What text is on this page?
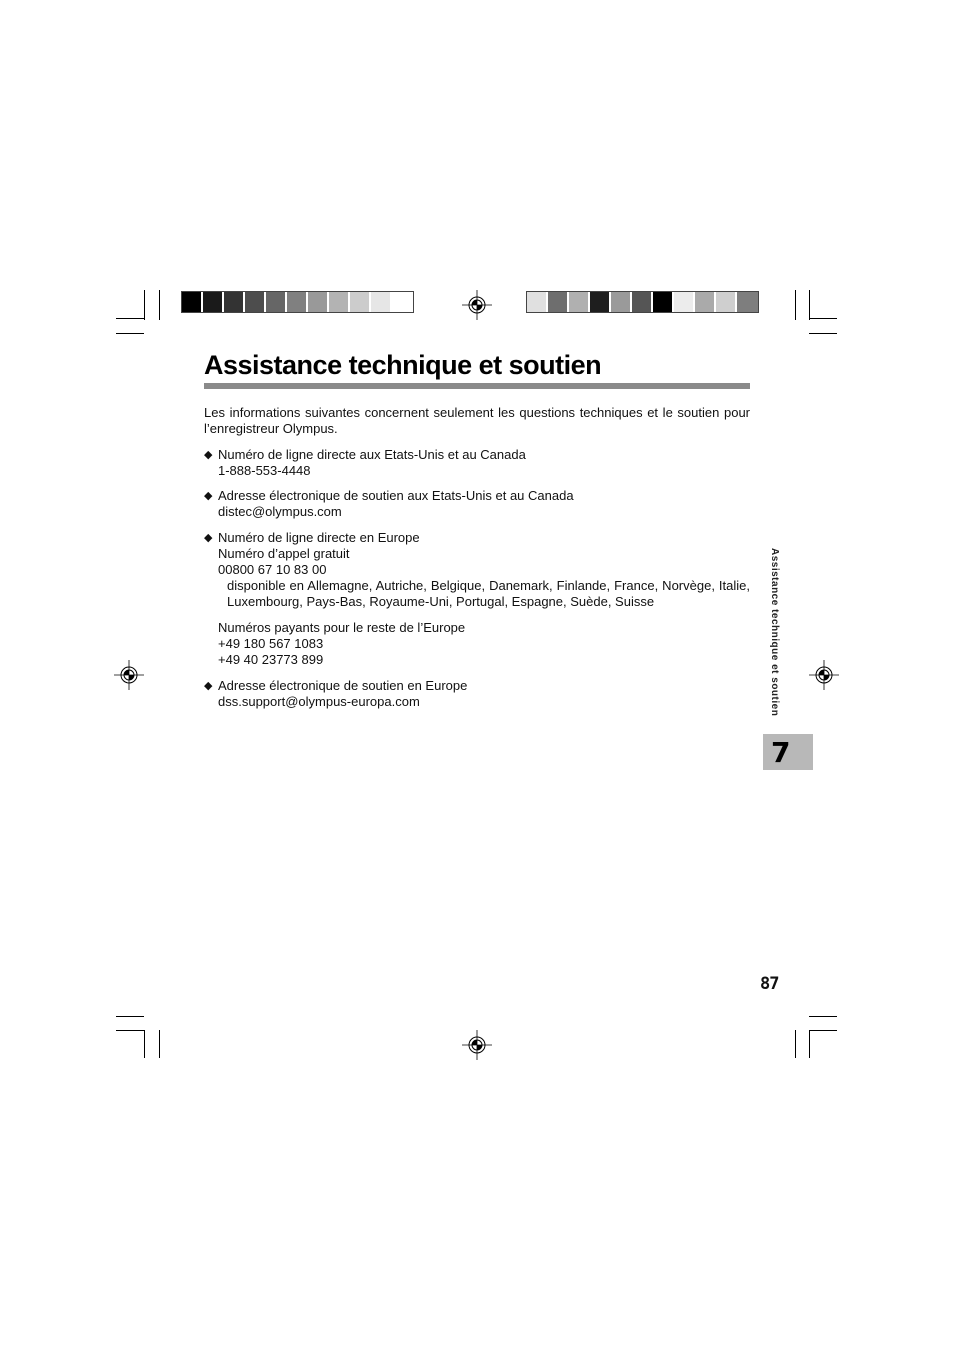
Assistance technique et soutien
Les informations suivantes concernent seulement les questions techniques et le soutien pour l’enregistreur Olympus.
◆ Numéro de ligne directe aux Etats-Unis et au Canada
1-888-553-4448
◆ Adresse électronique de soutien aux Etats-Unis et au Canada
distec@olympus.com
◆ Numéro de ligne directe en Europe
Numéro d’appel gratuit
00800 67 10 83 00
disponible en Allemagne, Autriche, Belgique, Danemark, Finlande, France, Norvège, Italie, Luxembourg, Pays-Bas, Royaume-Uni, Portugal, Espagne, Suède, Suisse
Numéros payants pour le reste de l’Europe
+49 180 567 1083
+49 40 23773 899
◆ Adresse électronique de soutien en Europe
dss.support@olympus-europa.com	Assistance technique et soutien
7
87
